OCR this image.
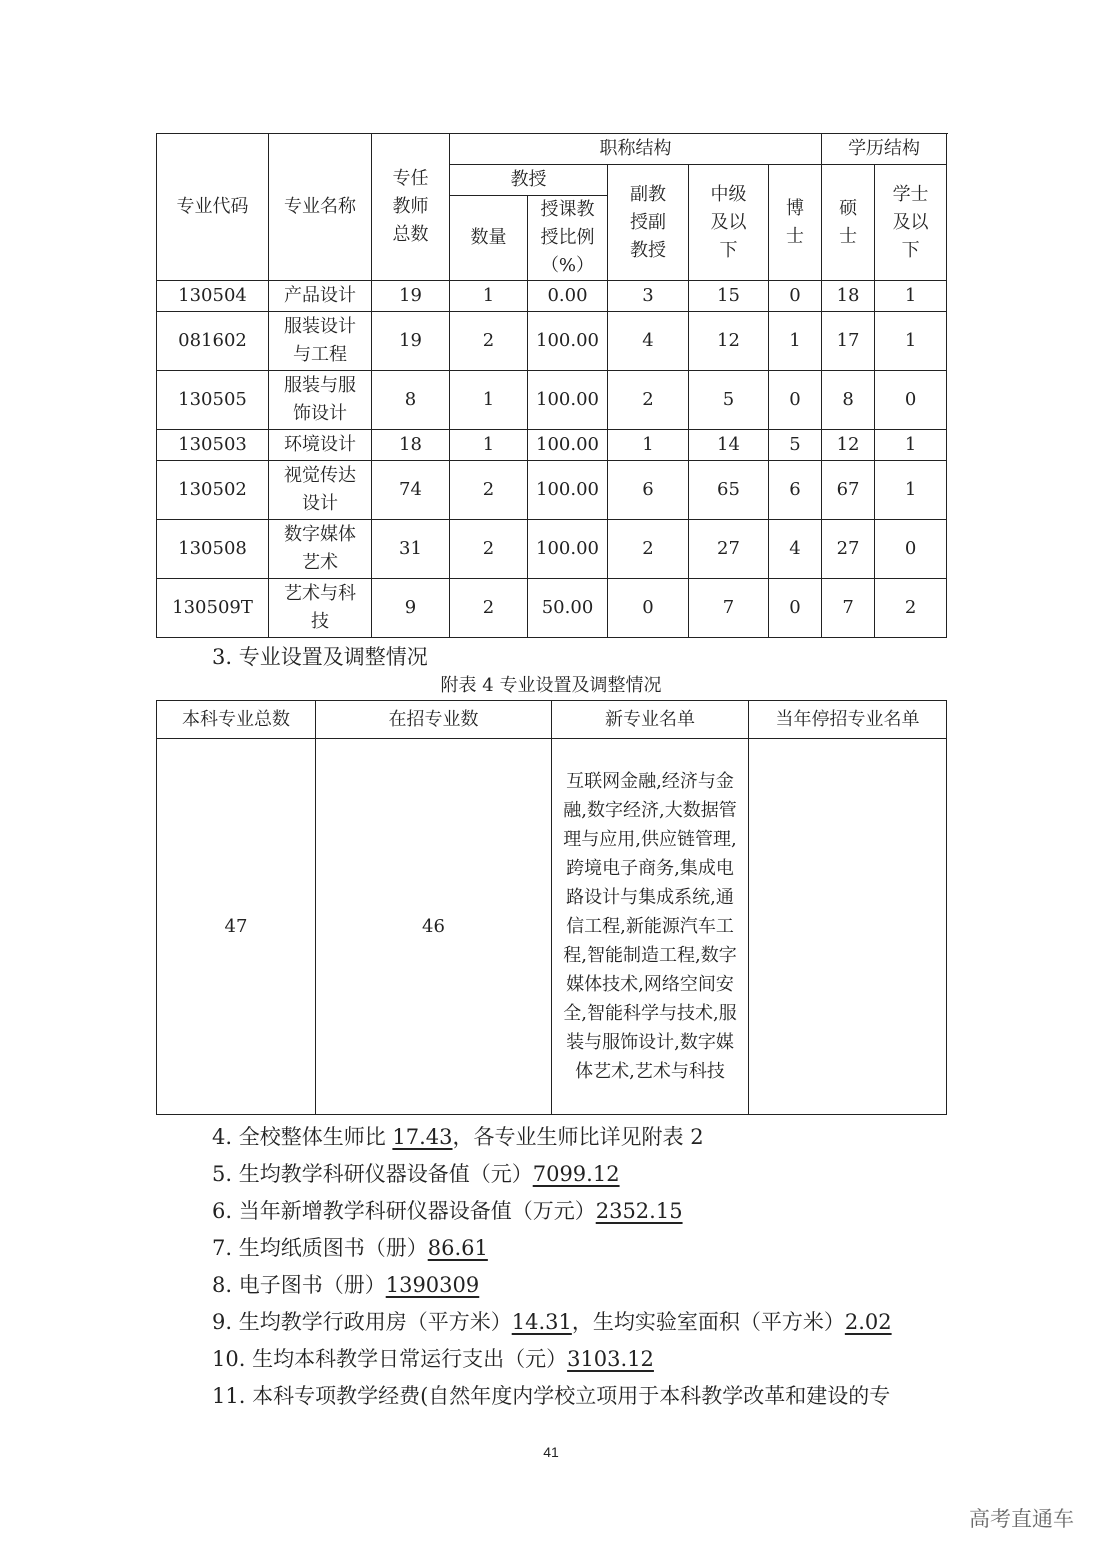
专业代码	专业名称	专任教师总数	职称结构					学历结构	
			教授		副教授副教授	中级及以下	博士	硕士	学士及以下
			数量	授课教授比例（%）					
130504	产品设计	19	1	0.00	3	15	0	18	1
081602	服装设计与工程	19	2	100.00	4	12	1	17	1
130505	服装与服饰设计	8	1	100.00	2	5	0	8	0
130503	环境设计	18	1	100.00	1	14	5	12	1
130502	视觉传达设计	74	2	100.00	6	65	6	67	1
130508	数字媒体艺术	31	2	100.00	2	27	4	27	0
130509T	艺术与科技	9	2	50.00	0	7	0	7	2
3. 专业设置及调整情况
附表 4 专业设置及调整情况
本科专业总数	在招专业数	新专业名单	当年停招专业名单
47	46	互联网金融,经济与金融,数字经济,大数据管理与应用,供应链管理,跨境电子商务,集成电路设计与集成系统,通信工程,新能源汽车工程,智能制造工程,数字媒体技术,网络空间安全,智能科学与技术,服装与服饰设计,数字媒体艺术,艺术与科技	
4. 全校整体生师比 17.43，各专业生师比详见附表 2
5. 生均教学科研仪器设备值（元）7099.12
6. 当年新增教学科研仪器设备值（万元）2352.15
7. 生均纸质图书（册）86.61
8. 电子图书（册）1390309
9. 生均教学行政用房（平方米）14.31，生均实验室面积（平方米）2.02
10. 生均本科教学日常运行支出（元）3103.12
11. 本科专项教学经费(自然年度内学校立项用于本科教学改革和建设的专
41
高考直通车
